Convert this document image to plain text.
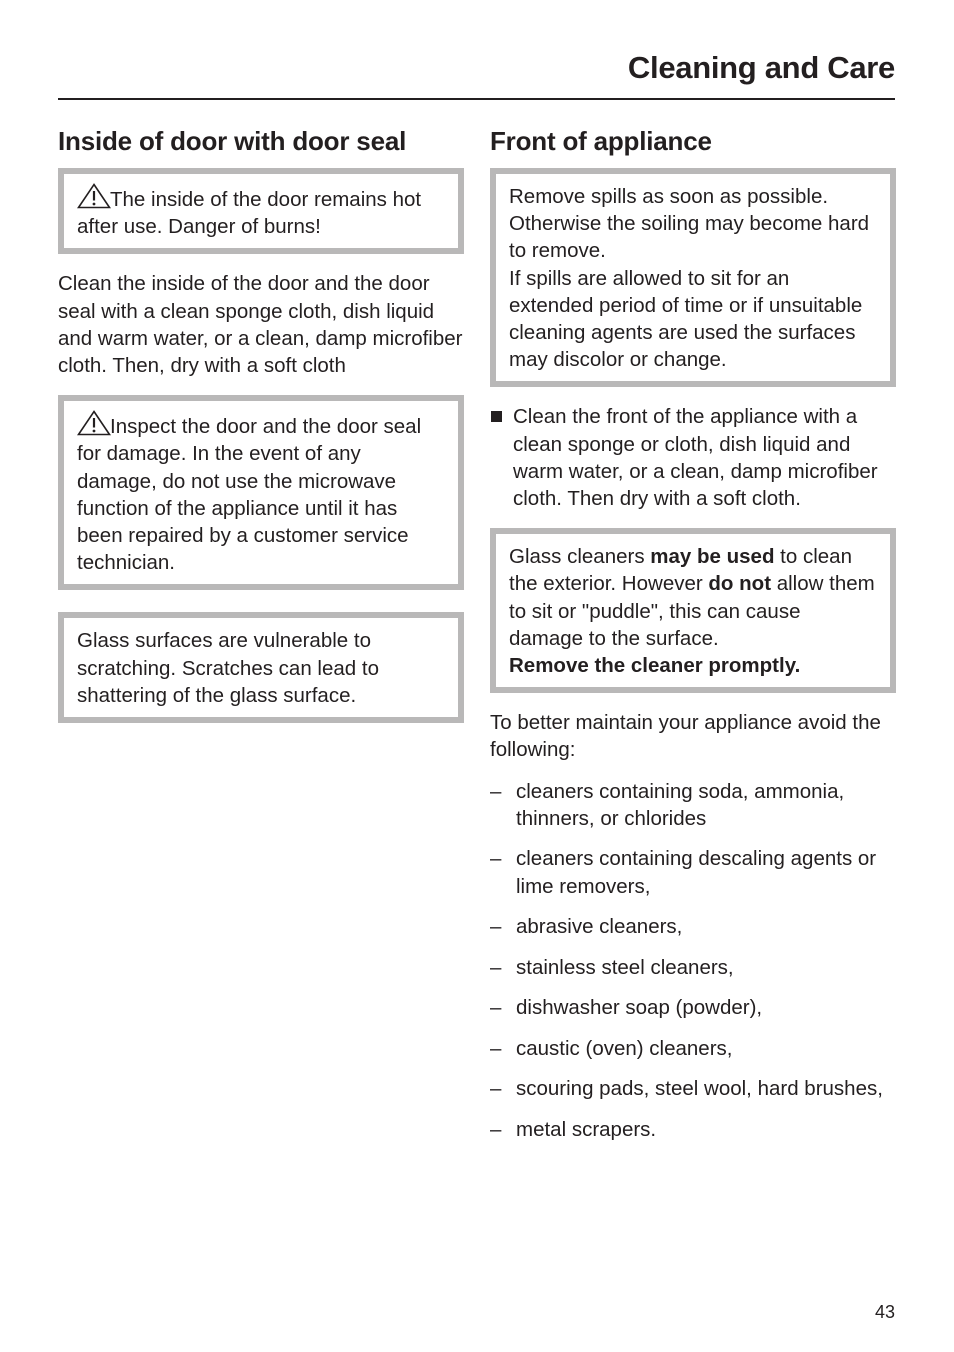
Cleaning and Care
Inside of door with door seal

The inside of the door remains hot after use. Danger of burns!

Clean the inside of the door and the door seal with a clean sponge cloth, dish liquid and warm water, or a clean, damp microfiber cloth. Then, dry with a soft cloth

Inspect the door and the door seal for damage. In the event of any damage, do not use the microwave function of the appliance until it has been repaired by a customer service technician.

Glass surfaces are vulnerable to scratching. Scratches can lead to shattering of the glass surface.

Front of appliance

Remove spills as soon as possible. Otherwise the soiling may become hard to remove.

If spills are allowed to sit for an extended period of time or if unsuitable cleaning agents are used the surfaces may discolor or change.

Clean the front of the appliance with a clean sponge or cloth, dish liquid and warm water, or a clean, damp microfiber cloth. Then dry with a soft cloth.

Glass cleaners may be used to clean the exterior. However do not allow them to sit or "puddle", this can cause damage to the surface.
Remove the cleaner promptly.

To better maintain your appliance avoid the following:

– cleaners containing soda, ammonia, thinners, or chlorides
– cleaners containing descaling agents or lime removers,
– abrasive cleaners,
– stainless steel cleaners,
– dishwasher soap (powder),
– caustic (oven) cleaners,
– scouring pads, steel wool, hard brushes,
– metal scrapers.
43
